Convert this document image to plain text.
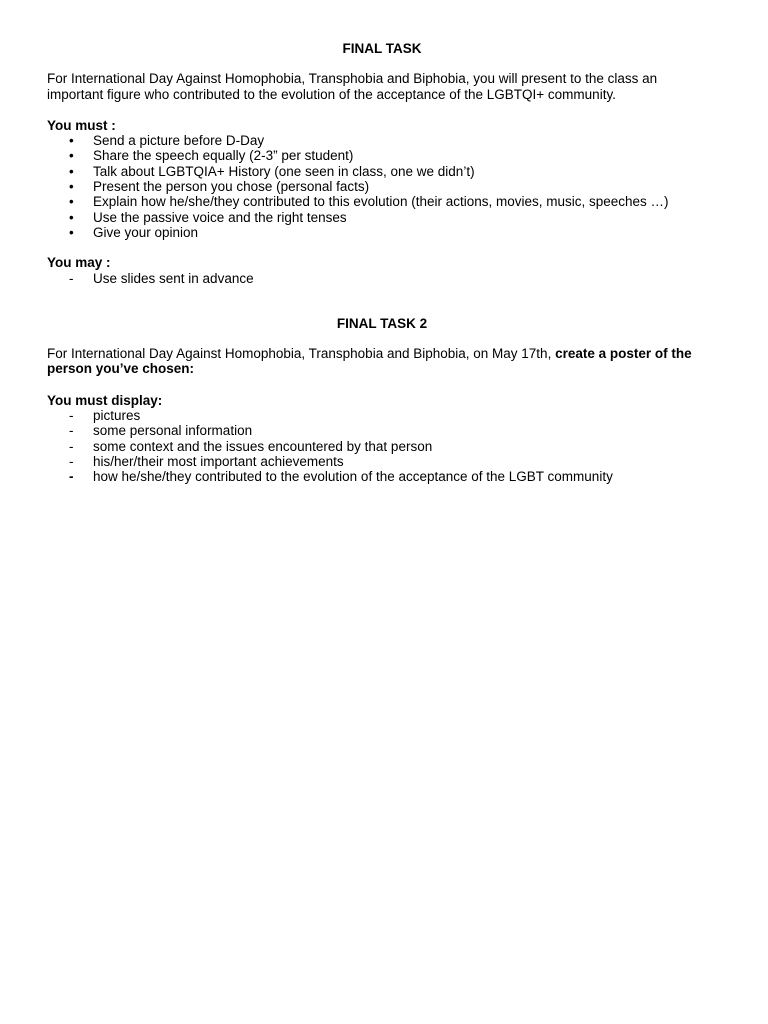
FINAL TASK
For International Day Against Homophobia, Transphobia and Biphobia, you will present to the class an important figure who contributed to the evolution of the acceptance of the LGBTQI+ community.
You must :
• Send a picture before D-Day
• Share the speech equally (2-3” per student)
• Talk about LGBTQIA+ History (one seen in class, one we didn’t)
• Present the person you chose (personal facts)
• Explain how he/she/they contributed to this evolution (their actions, movies, music, speeches …)
• Use the passive voice and the right tenses
• Give your opinion
You may :
- Use slides sent in advance
FINAL TASK 2
For International Day Against Homophobia, Transphobia and Biphobia, on May 17th, create a poster of the person you’ve chosen:
You must display:
- pictures
- some personal information
- some context and the issues encountered by that person
- his/her/their most important achievements
- how he/she/they contributed to the evolution of the acceptance of the LGBT community
